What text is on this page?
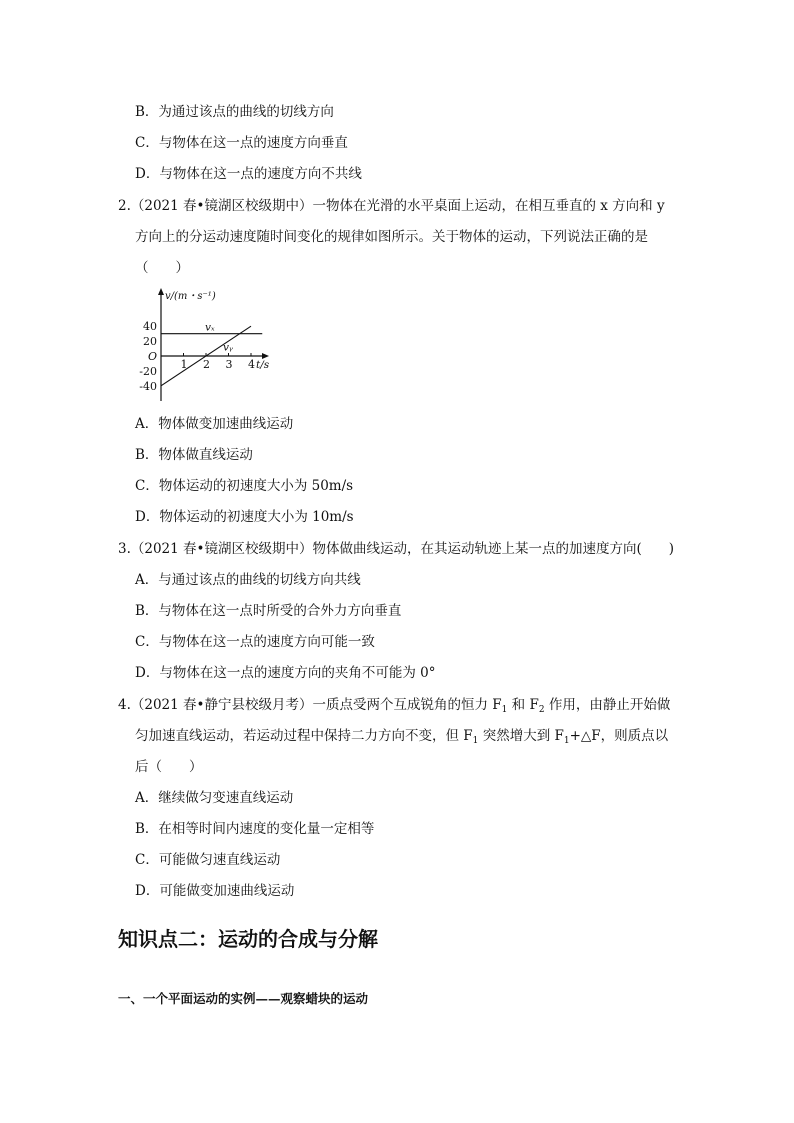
B．为通过该点的曲线的切线方向
C．与物体在这一点的速度方向垂直
D．与物体在这一点的速度方向不共线
2.（2021 春•镜湖区校级期中）一物体在光滑的水平桌面上运动，在相互垂直的 x 方向和 y
方向上的分运动速度随时间变化的规律如图所示。关于物体的运动，下列说法正确的是
（　　）
v/(m・s⁻¹)
t/s
O
1 2 3 4
40
20
-20
-40
vₓ
vᵧ
A．物体做变加速曲线运动
B．物体做直线运动
C．物体运动的初速度大小为 50m/s
D．物体运动的初速度大小为 10m/s
3.（2021 春•镜湖区校级期中）物体做曲线运动，在其运动轨迹上某一点的加速度方向(　　)
A．与通过该点的曲线的切线方向共线
B．与物体在这一点时所受的合外力方向垂直
C．与物体在这一点的速度方向可能一致
D．与物体在这一点的速度方向的夹角不可能为 0°
4.（2021 春•静宁县校级月考）一质点受两个互成锐角的恒力 $F_1$ 和 $F_2$ 作用，由静止开始做
匀加速直线运动，若运动过程中保持二力方向不变，但 $F_1$ 突然增大到 $F_1+\triangle F$，则质点以
后（　　）
A．继续做匀变速直线运动
B．在相等时间内速度的变化量一定相等
C．可能做匀速直线运动
D．可能做变加速曲线运动
知识点二：运动的合成与分解
一、一个平面运动的实例——观察蜡块的运动
